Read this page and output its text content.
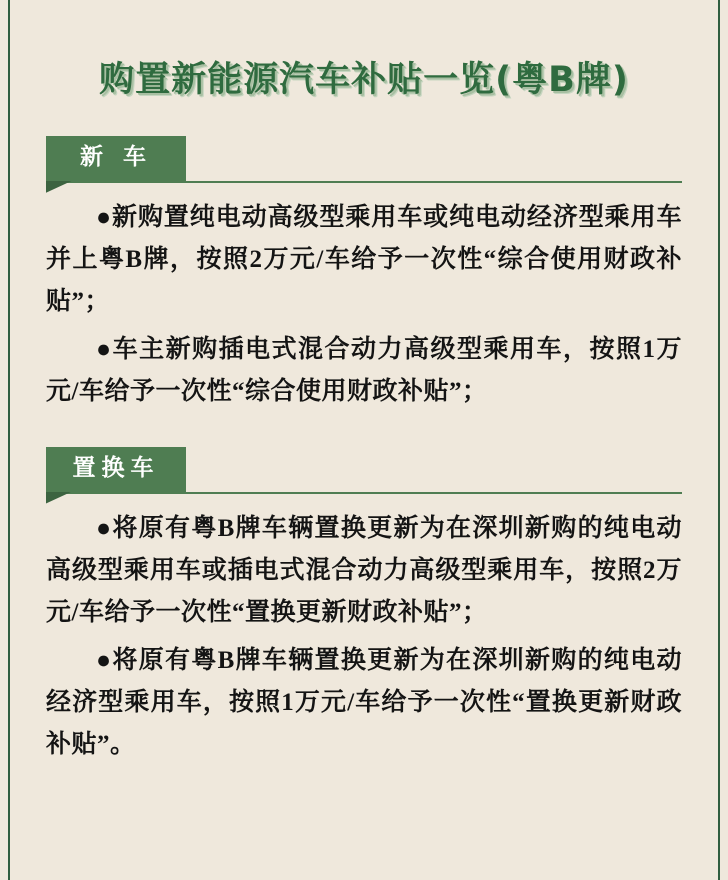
购置新能源汽车补贴一览(粤B牌)
新 车

●新购置纯电动高级型乘用车或纯电动经济型乘用车并上粤B牌，按照2万元/车给予一次性“综合使用财政补贴”；

●车主新购插电式混合动力高级型乘用车，按照1万元/车给予一次性“综合使用财政补贴”；

置换车

●将原有粤B牌车辆置换更新为在深圳新购的纯电动高级型乘用车或插电式混合动力高级型乘用车，按照2万元/车给予一次性“置换更新财政补贴”；

●将原有粤B牌车辆置换更新为在深圳新购的纯电动经济型乘用车，按照1万元/车给予一次性“置换更新财政补贴”。
